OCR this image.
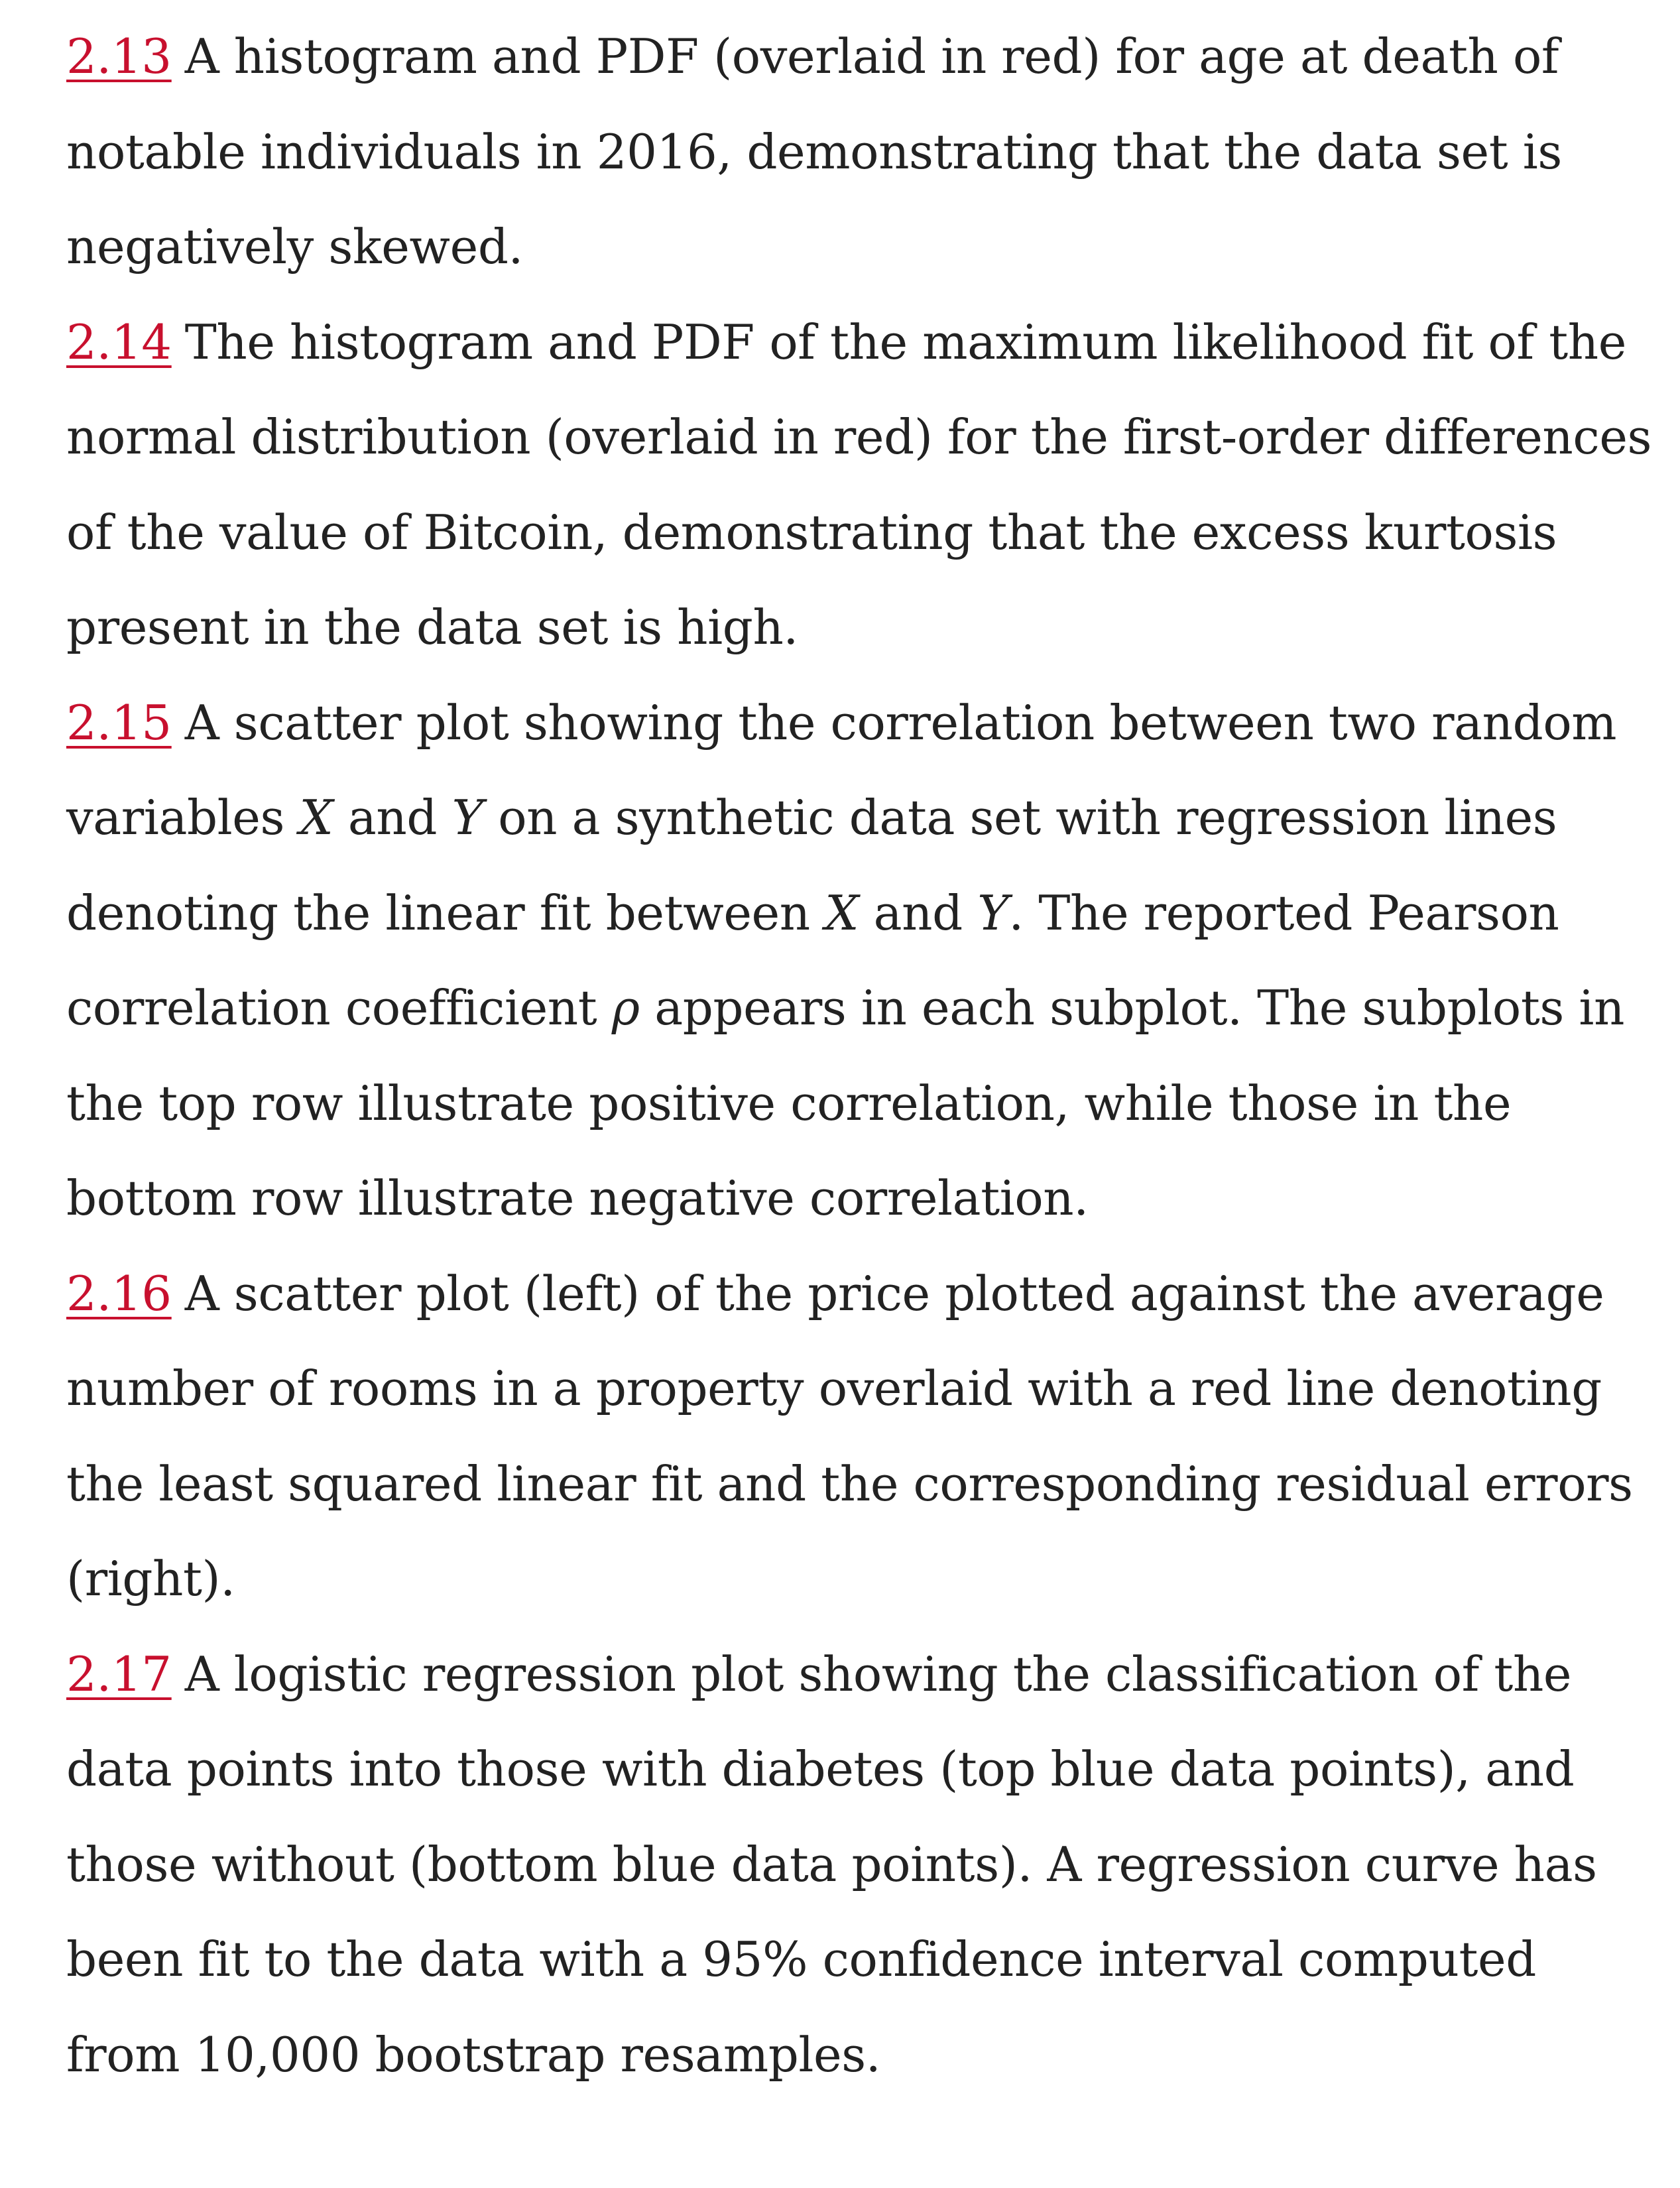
2.13 A histogram and PDF (overlaid in red) for age at death of notable individuals in 2016, demonstrating that the data set is negatively skewed.

2.14 The histogram and PDF of the maximum likelihood fit of the normal distribution (overlaid in red) for the first-order differences of the value of Bitcoin, demonstrating that the excess kurtosis present in the data set is high.

2.15 A scatter plot showing the correlation between two random variables X and Y on a synthetic data set with regression lines denoting the linear fit between X and Y. The reported Pearson correlation coefficient ρ appears in each subplot. The subplots in the top row illustrate positive correlation, while those in the bottom row illustrate negative correlation.

2.16 A scatter plot (left) of the price plotted against the average number of rooms in a property overlaid with a red line denoting the least squared linear fit and the corresponding residual errors (right).

2.17 A logistic regression plot showing the classification of the data points into those with diabetes (top blue data points), and those without (bottom blue data points). A regression curve has been fit to the data with a 95% confidence interval computed from 10,000 bootstrap resamples.
